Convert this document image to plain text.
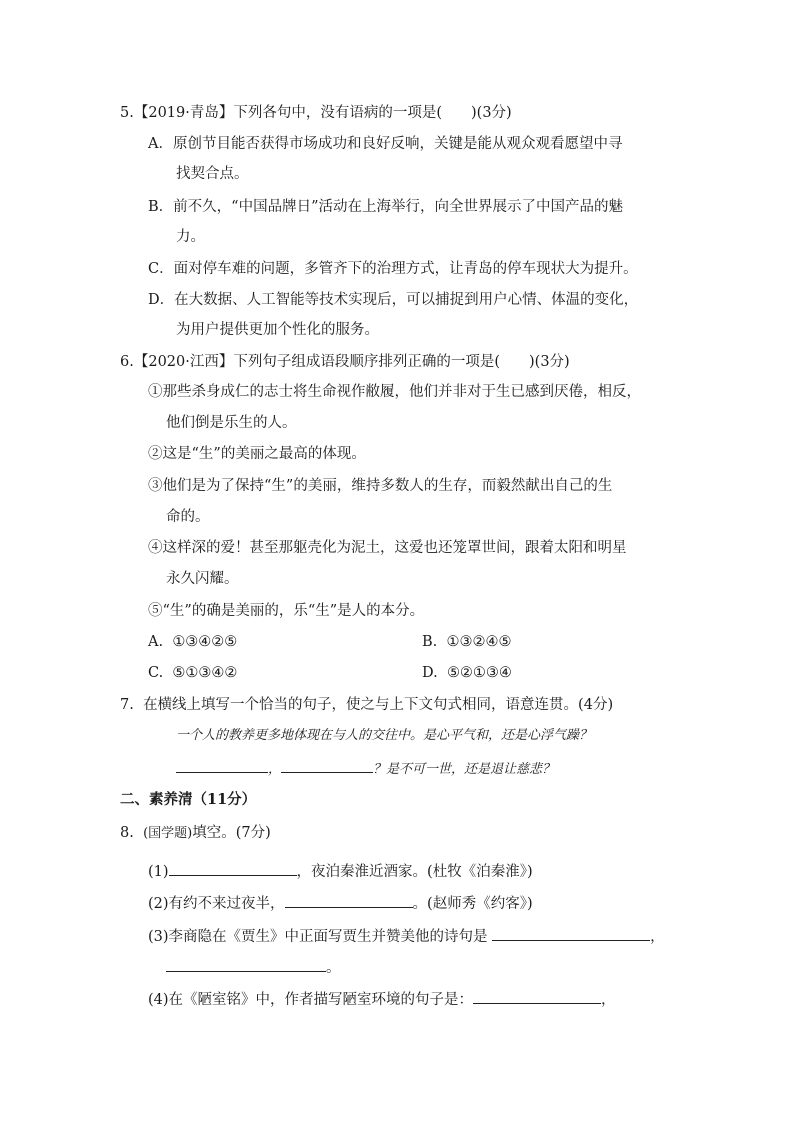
5.【2019·青岛】下列各句中，没有语病的一项是(　　)(3分)
A．原创节目能否获得市场成功和良好反响，关键是能从观众观看愿望中寻
找契合点。
B．前不久，“中国品牌日”活动在上海举行，向全世界展示了中国产品的魅
力。
C．面对停车难的问题，多管齐下的治理方式，让青岛的停车现状大为提升。
D．在大数据、人工智能等技术实现后，可以捕捉到用户心情、体温的变化，
为用户提供更加个性化的服务。
6.【2020·江西】下列句子组成语段顺序排列正确的一项是(　　)(3分)
①那些杀身成仁的志士将生命视作敝履，他们并非对于生已感到厌倦，相反，
他们倒是乐生的人。
②这是“生”的美丽之最高的体现。
③他们是为了保持“生”的美丽，维持多数人的生存，而毅然献出自己的生
命的。
④这样深的爱！甚至那躯壳化为泥土，这爱也还笼罩世间，跟着太阳和明星
永久闪耀。
⑤“生”的确是美丽的，乐“生”是人的本分。
A. ①③④②⑤	B. ①③②④⑤
C. ⑤①③④②	D. ⑤②①③④
7. 在横线上填写一个恰当的句子，使之与上下文句式相同，语意连贯。(4分)
一个人的教养更多地体现在与人的交往中。是心平气和，还是心浮气躁？
，	？是不可一世，还是退让慈悲？
二、素养清（11分）
8. (国学题)填空。(7分)
(1)	，夜泊秦淮近酒家。(杜牧《泊秦淮》)
(2)有约不来过夜半，	。(赵师秀《约客》)
(3)李商隐在《贾生》中正面写贾生并赞美他的诗句是	，
。
(4)在《陋室铭》中，作者描写陋室环境的句子是：	，
